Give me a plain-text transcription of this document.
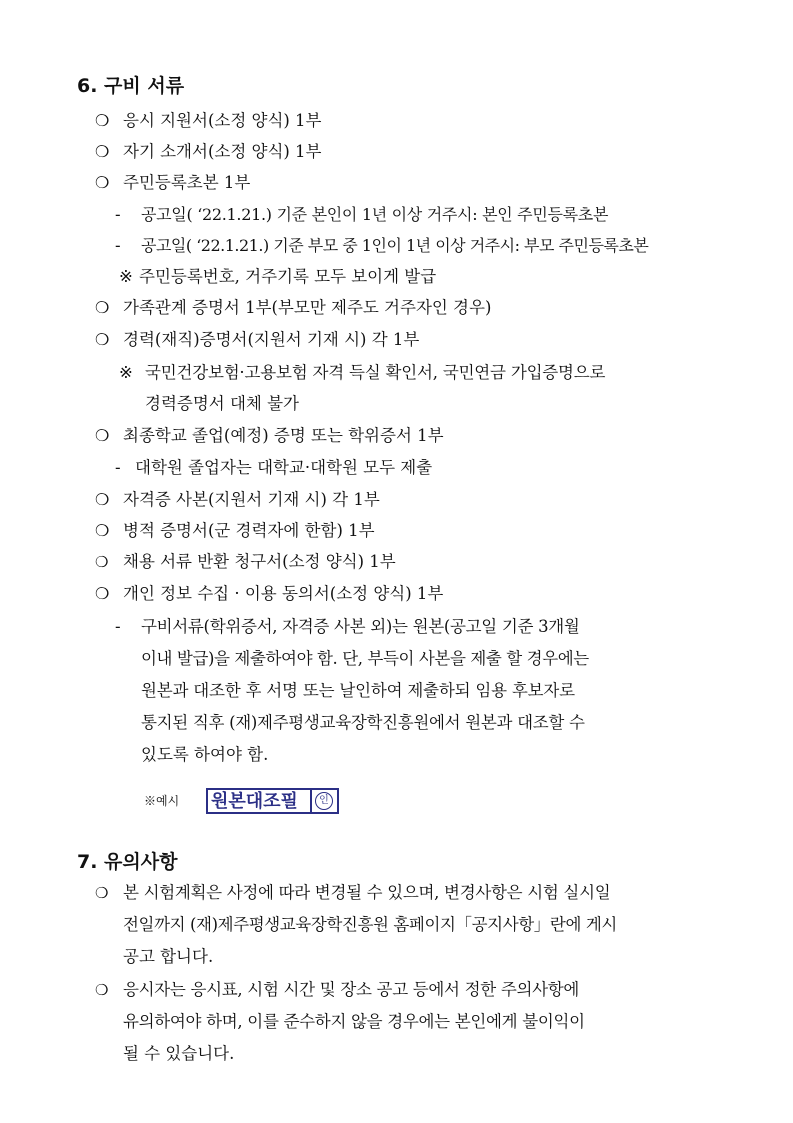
6. 구비 서류
❍ 응시 지원서(소정 양식) 1부
❍ 자기 소개서(소정 양식) 1부
❍ 주민등록초본 1부
- 공고일( ‘22.1.21.) 기준 본인이 1년 이상 거주시: 본인 주민등록초본
- 공고일( ‘22.1.21.) 기준 부모 중 1인이 1년 이상 거주시: 부모 주민등록초본
※ 주민등록번호, 거주기록 모두 보이게 발급
❍ 가족관계 증명서 1부(부모만 제주도 거주자인 경우)
❍ 경력(재직)증명서(지원서 기재 시) 각 1부
※ 국민건강보험·고용보험 자격 득실 확인서, 국민연금 가입증명으로
경력증명서 대체 불가
❍ 최종학교 졸업(예정) 증명 또는 학위증서 1부
- 대학원 졸업자는 대학교·대학원 모두 제출
❍ 자격증 사본(지원서 기재 시) 각 1부
❍ 병적 증명서(군 경력자에 한함) 1부
❍ 채용 서류 반환 청구서(소정 양식) 1부
❍ 개인 정보 수집 · 이용 동의서(소정 양식) 1부
- 구비서류(학위증서, 자격증 사본 외)는 원본(공고일 기준 3개월
이내 발급)을 제출하여야 함. 단, 부득이 사본을 제출 할 경우에는
원본과 대조한 후 서명 또는 날인하여 제출하되 임용 후보자로
통지된 직후 (재)제주평생교육장학진흥원에서 원본과 대조할 수
있도록 하여야 함.
※예시 원본대조필	인
7. 유의사항
❍ 본 시험계획은 사정에 따라 변경될 수 있으며, 변경사항은 시험 실시일
전일까지 (재)제주평생교육장학진흥원 홈페이지「공지사항」란에 게시
공고 합니다.
❍ 응시자는 응시표, 시험 시간 및 장소 공고 등에서 정한 주의사항에
유의하여야 하며, 이를 준수하지 않을 경우에는 본인에게 불이익이
될 수 있습니다.
